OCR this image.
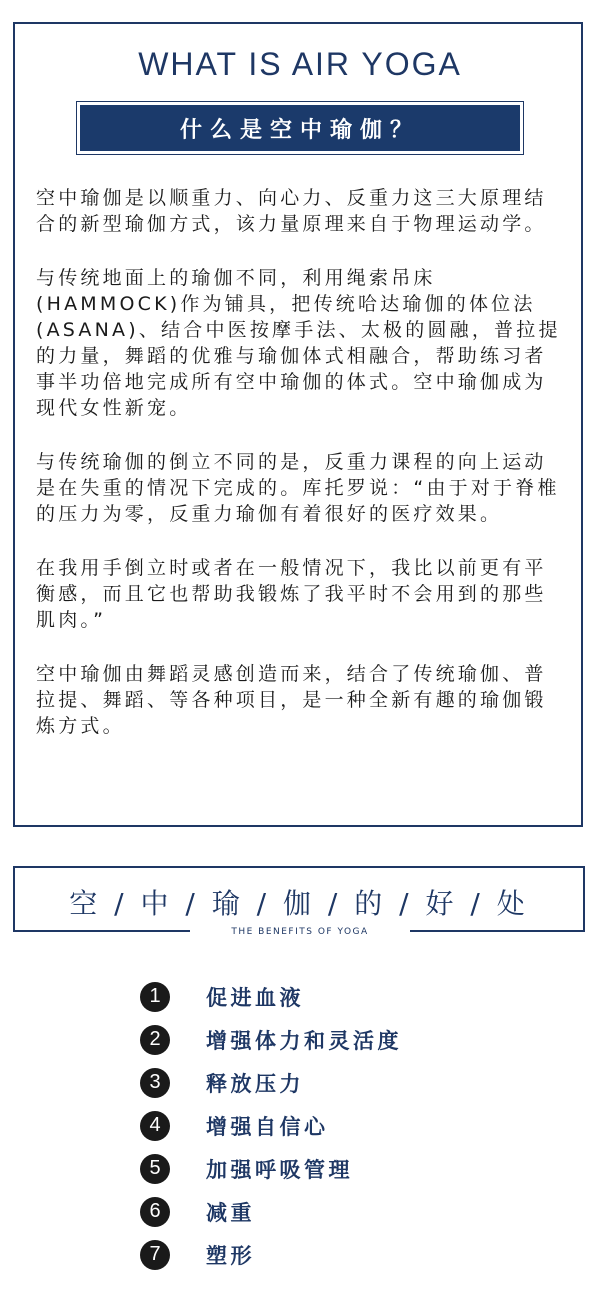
WHAT IS AIR YOGA
什么是空中瑜伽？

空中瑜伽是以顺重力、向心力、反重力这三大原理结合的新型瑜伽方式，该力量原理来自于物理运动学。

与传统地面上的瑜伽不同，利用绳索吊床(HAMMOCK)作为铺具，把传统哈达瑜伽的体位法(ASANA)、结合中医按摩手法、太极的圆融，普拉提的力量，舞蹈的优雅与瑜伽体式相融合，帮助练习者事半功倍地完成所有空中瑜伽的体式。空中瑜伽成为现代女性新宠。

与传统瑜伽的倒立不同的是，反重力课程的向上运动是在失重的情况下完成的。库托罗说：“由于对于脊椎的压力为零，反重力瑜伽有着很好的医疗效果。

在我用手倒立时或者在一般情况下，我比以前更有平衡感，而且它也帮助我锻炼了我平时不会用到的那些肌肉。”

空中瑜伽由舞蹈灵感创造而来，结合了传统瑜伽、普拉提、舞蹈、等各种项目，是一种全新有趣的瑜伽锻炼方式。

空 / 中 / 瑜 / 伽 / 的 / 好 / 处
THE BENEFITS OF YOGA
1	促进血液
2	增强体力和灵活度
3	释放压力
4	增强自信心
5	加强呼吸管理
6	减重
7	塑形
